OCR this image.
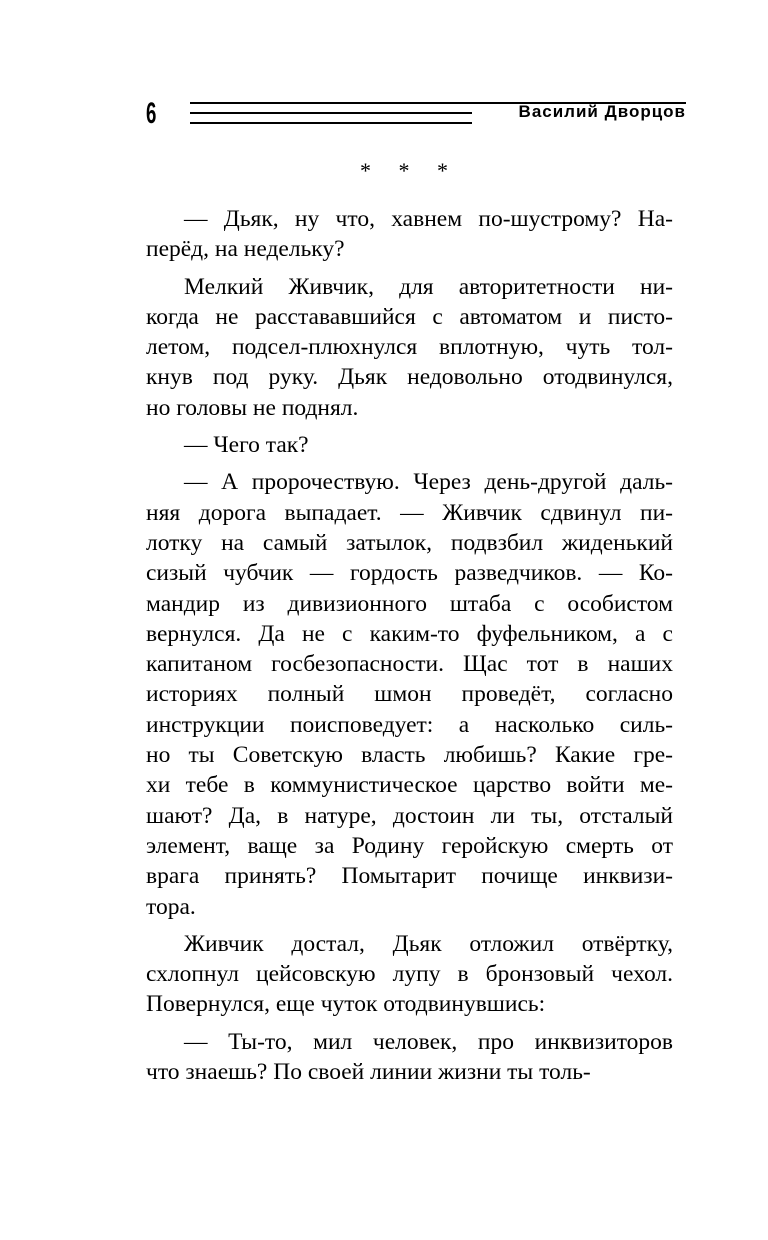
6	Василий Дворцов
* * *
— Дьяк, ну что, хавнем по-шустрому? На-
перёд, на недельку?
Мелкий Живчик, для авторитетности ни-
когда не расстававшийся с автоматом и писто-
летом, подсел-плюхнулся вплотную, чуть тол-
кнув под руку. Дьяк недовольно отодвинулся,
но головы не поднял.
— Чего так?
— А пророчествую. Через день-другой даль-
няя дорога выпадает. — Живчик сдвинул пи-
лотку на самый затылок, подвзбил жиденький
сизый чубчик — гордость разведчиков. — Ко-
мандир из дивизионного штаба с особистом
вернулся. Да не с каким-то фуфельником, а с
капитаном госбезопасности. Щас тот в наших
историях полный шмон проведёт, согласно
инструкции поисповедует: а насколько силь-
но ты Советскую власть любишь? Какие гре-
хи тебе в коммунистическое царство войти ме-
шают? Да, в натуре, достоин ли ты, отсталый
элемент, ваще за Родину геройскую смерть от
врага принять? Помытарит почище инквизи-
тора.
Живчик достал, Дьяк отложил отвёртку,
схлопнул цейсовскую лупу в бронзовый чехол.
Повернулся, еще чуток отодвинувшись:
— Ты-то, мил человек, про инквизиторов
что знаешь? По своей линии жизни ты толь-
